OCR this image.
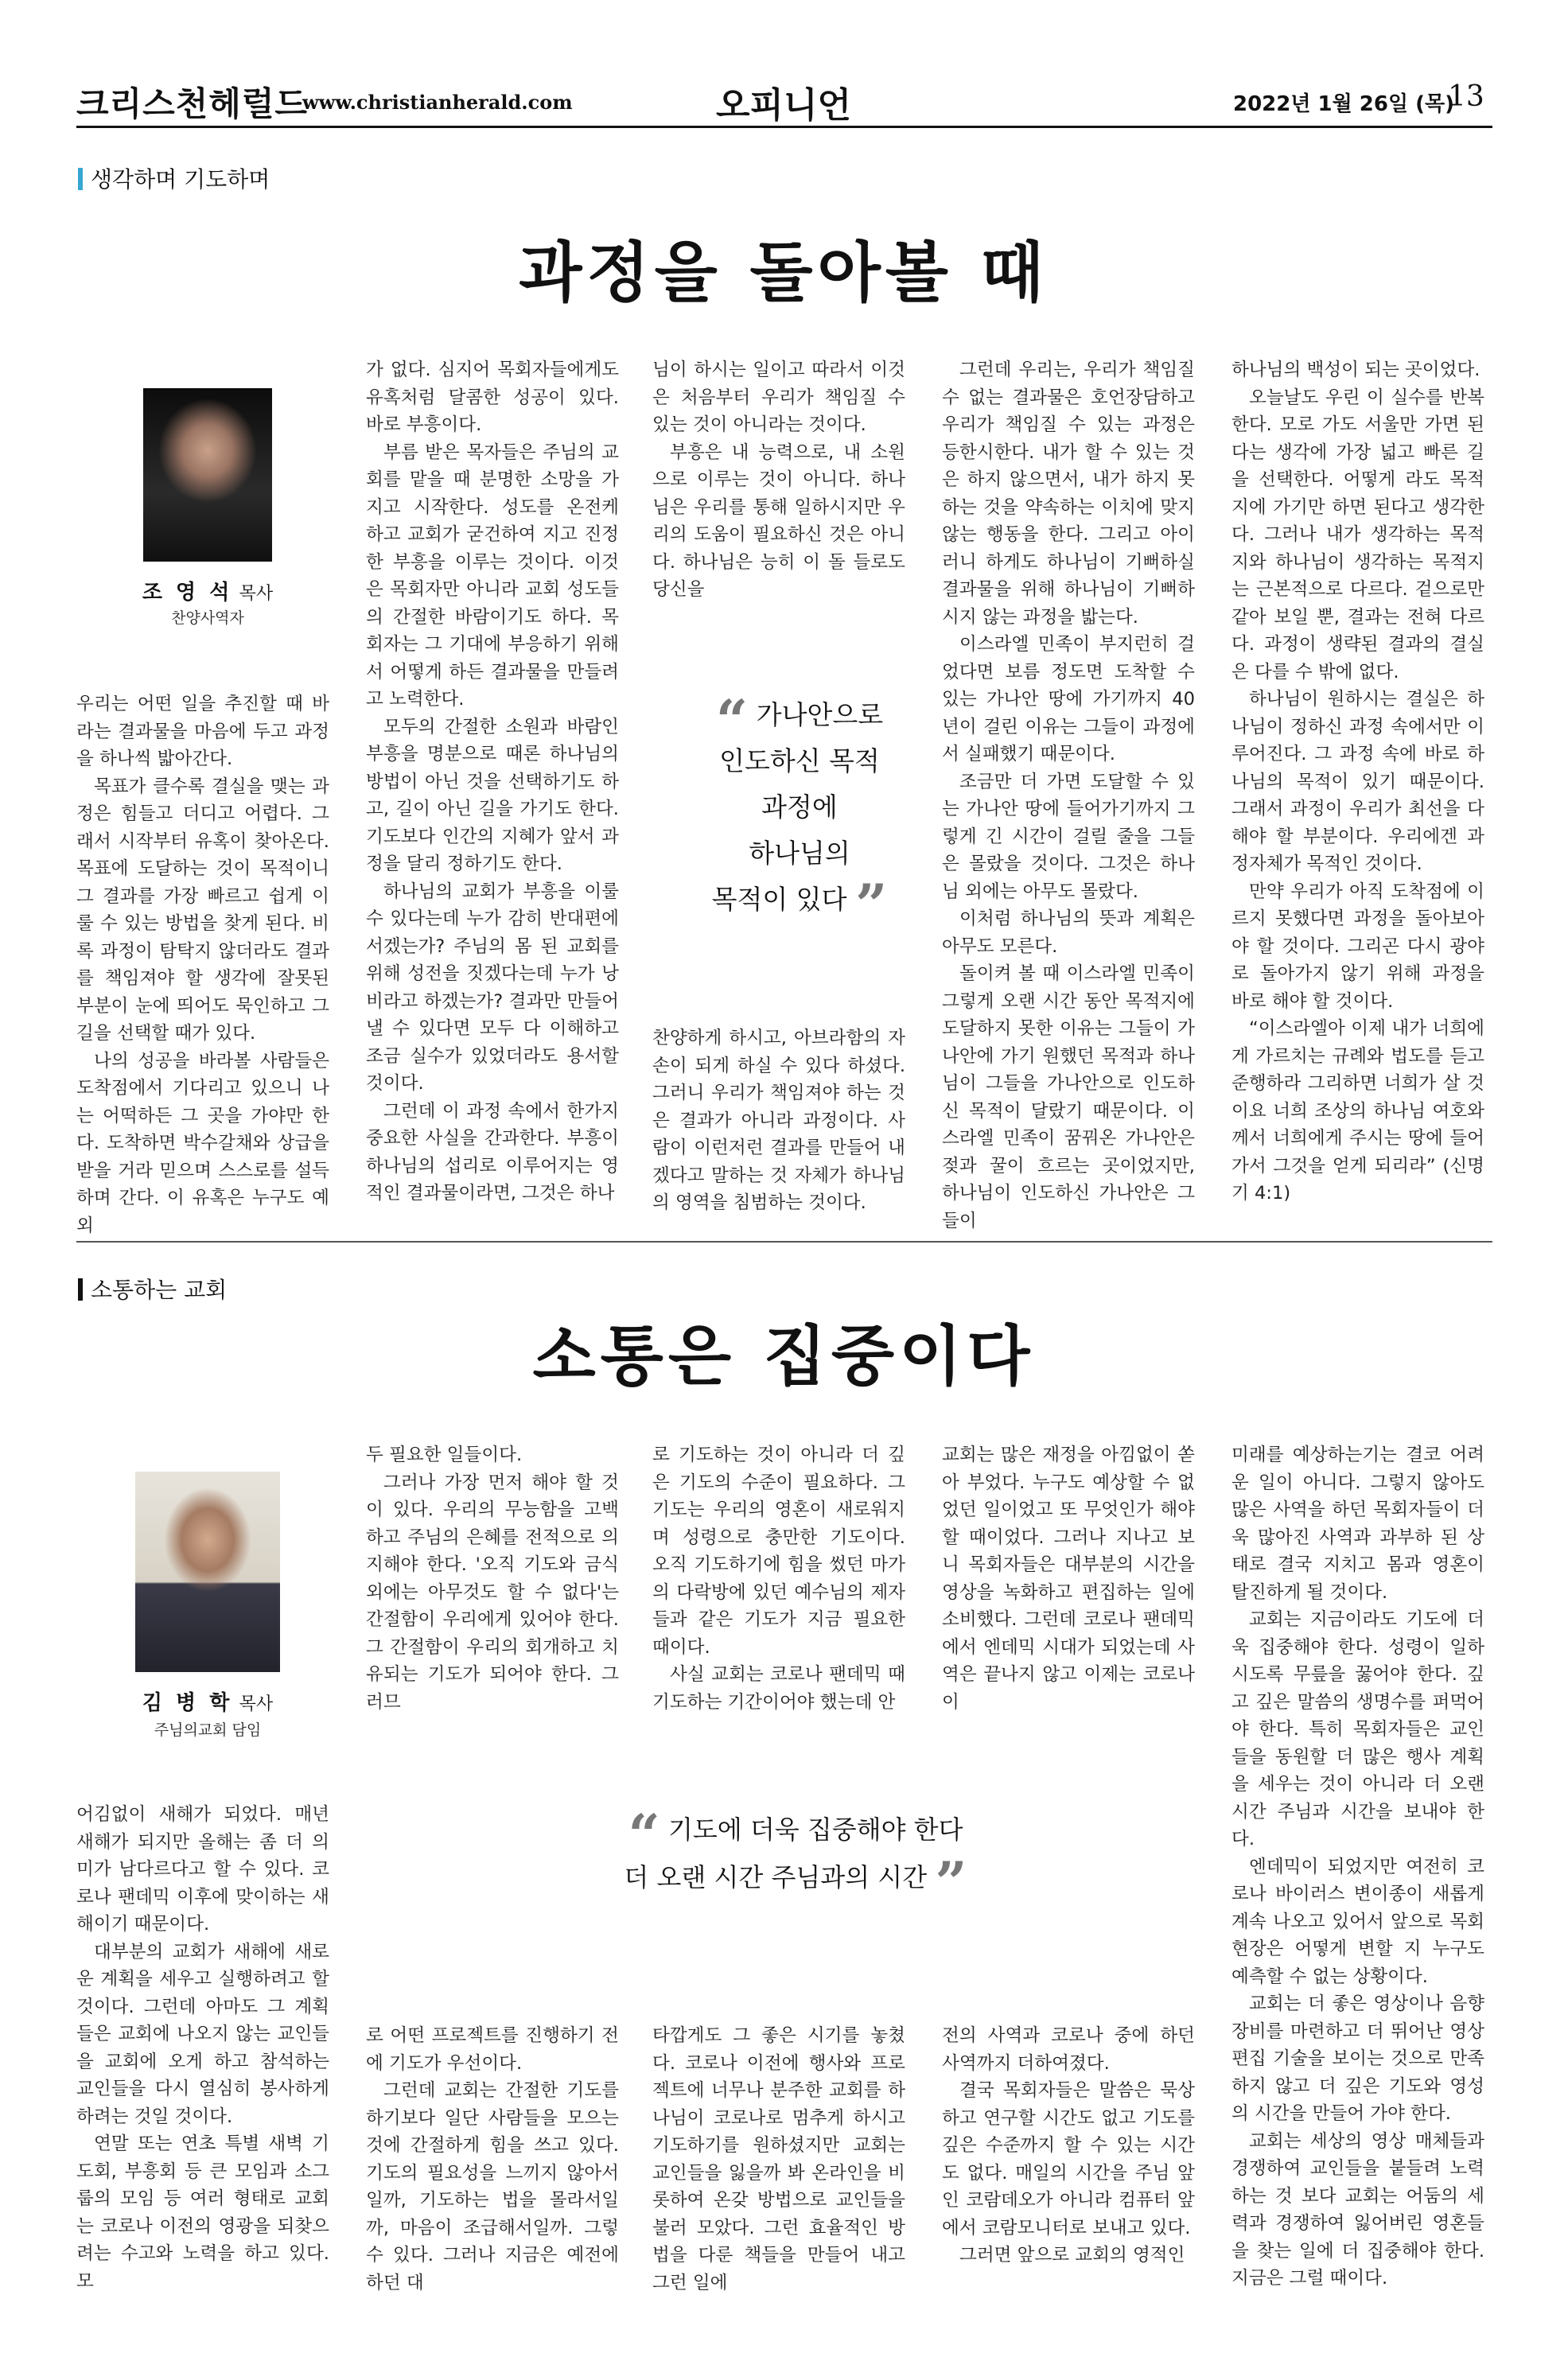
크리스천헤럴드
www.christianherald.com	오피니언	2022년 1월 26일 (목)
13
생각하며 기도하며
과정을 돌아볼 때
조 영 석 목사
찬양사역자

우리는 어떤 일을 추진할 때 바라는 결과물을 마음에 두고 과정을 하나씩 밟아간다.

목표가 클수록 결실을 맺는 과정은 힘들고 더디고 어렵다. 그래서 시작부터 유혹이 찾아온다. 목표에 도달하는 것이 목적이니 그 결과를 가장 빠르고 쉽게 이룰 수 있는 방법을 찾게 된다. 비록 과정이 탐탁지 않더라도 결과를 책임져야 할 생각에 잘못된 부분이 눈에 띄어도 묵인하고 그 길을 선택할 때가 있다.

나의 성공을 바라볼 사람들은 도착점에서 기다리고 있으니 나는 어떡하든 그 곳을 가야만 한다. 도착하면 박수갈채와 상급을 받을 거라 믿으며 스스로를 설득하며 간다. 이 유혹은 누구도 예외

가 없다. 심지어 목회자들에게도 유혹처럼 달콤한 성공이 있다. 바로 부흥이다.

부름 받은 목자들은 주님의 교회를 맡을 때 분명한 소망을 가지고 시작한다. 성도를 온전케 하고 교회가 굳건하여 지고 진정한 부흥을 이루는 것이다. 이것은 목회자만 아니라 교회 성도들의 간절한 바람이기도 하다. 목회자는 그 기대에 부응하기 위해서 어떻게 하든 결과물을 만들려고 노력한다.

모두의 간절한 소원과 바람인 부흥을 명분으로 때론 하나님의 방법이 아닌 것을 선택하기도 하고, 길이 아닌 길을 가기도 한다. 기도보다 인간의 지혜가 앞서 과정을 달리 정하기도 한다.

하나님의 교회가 부흥을 이룰 수 있다는데 누가 감히 반대편에 서겠는가? 주님의 몸 된 교회를 위해 성전을 짓겠다는데 누가 낭비라고 하겠는가? 결과만 만들어 낼 수 있다면 모두 다 이해하고 조금 실수가 있었더라도 용서할 것이다.

그런데 이 과정 속에서 한가지 중요한 사실을 간과한다. 부흥이 하나님의 섭리로 이루어지는 영적인 결과물이라면, 그것은 하나

님이 하시는 일이고 따라서 이것은 처음부터 우리가 책임질 수 있는 것이 아니라는 것이다.

부흥은 내 능력으로, 내 소원으로 이루는 것이 아니다. 하나님은 우리를 통해 일하시지만 우리의 도움이 필요하신 것은 아니다. 하나님은 능히 이 돌 들로도 당신을

“ 가나안으로
인도하신 목적
과정에
하나님의
목적이 있다 ”

찬양하게 하시고, 아브라함의 자손이 되게 하실 수 있다 하셨다. 그러니 우리가 책임져야 하는 것은 결과가 아니라 과정이다. 사람이 이런저런 결과를 만들어 내겠다고 말하는 것 자체가 하나님의 영역을 침범하는 것이다.

그런데 우리는, 우리가 책임질 수 없는 결과물은 호언장담하고 우리가 책임질 수 있는 과정은 등한시한다. 내가 할 수 있는 것은 하지 않으면서, 내가 하지 못하는 것을 약속하는 이치에 맞지 않는 행동을 한다. 그리고 아이러니 하게도 하나님이 기뻐하실 결과물을 위해 하나님이 기뻐하시지 않는 과정을 밟는다.

이스라엘 민족이 부지런히 걸었다면 보름 정도면 도착할 수 있는 가나안 땅에 가기까지 40년이 걸린 이유는 그들이 과정에서 실패했기 때문이다.

조금만 더 가면 도달할 수 있는 가나안 땅에 들어가기까지 그렇게 긴 시간이 걸릴 줄을 그들은 몰랐을 것이다. 그것은 하나님 외에는 아무도 몰랐다.

이처럼 하나님의 뜻과 계획은 아무도 모른다.

돌이켜 볼 때 이스라엘 민족이 그렇게 오랜 시간 동안 목적지에 도달하지 못한 이유는 그들이 가나안에 가기 원했던 목적과 하나님이 그들을 가나안으로 인도하신 목적이 달랐기 때문이다. 이스라엘 민족이 꿈꿔온 가나안은 젖과 꿀이 흐르는 곳이었지만, 하나님이 인도하신 가나안은 그들이

하나님의 백성이 되는 곳이었다.

오늘날도 우린 이 실수를 반복한다. 모로 가도 서울만 가면 된다는 생각에 가장 넓고 빠른 길을 선택한다. 어떻게 라도 목적지에 가기만 하면 된다고 생각한다. 그러나 내가 생각하는 목적지와 하나님이 생각하는 목적지는 근본적으로 다르다. 겉으로만 같아 보일 뿐, 결과는 전혀 다르다. 과정이 생략된 결과의 결실은 다를 수 밖에 없다.

하나님이 원하시는 결실은 하나님이 정하신 과정 속에서만 이루어진다. 그 과정 속에 바로 하나님의 목적이 있기 때문이다. 그래서 과정이 우리가 최선을 다해야 할 부분이다. 우리에겐 과정자체가 목적인 것이다.

만약 우리가 아직 도착점에 이르지 못했다면 과정을 돌아보아야 할 것이다. 그리곤 다시 광야로 돌아가지 않기 위해 과정을 바로 해야 할 것이다.

“이스라엘아 이제 내가 너희에게 가르치는 규례와 법도를 듣고 준행하라 그리하면 너희가 살 것이요 너희 조상의 하나님 여호와께서 너희에게 주시는 땅에 들어가서 그것을 얻게 되리라” (신명기 4:1)

소통하는 교회
소통은 집중이다
김 병 학 목사
주님의교회 담임

어김없이 새해가 되었다. 매년 새해가 되지만 올해는 좀 더 의미가 남다르다고 할 수 있다. 코로나 팬데믹 이후에 맞이하는 새해이기 때문이다.

대부분의 교회가 새해에 새로운 계획을 세우고 실행하려고 할 것이다. 그런데 아마도 그 계획들은 교회에 나오지 않는 교인들을 교회에 오게 하고 참석하는 교인들을 다시 열심히 봉사하게 하려는 것일 것이다.

연말 또는 연초 특별 새벽 기도회, 부흥회 등 큰 모임과 소그룹의 모임 등 여러 형태로 교회는 코로나 이전의 영광을 되찾으려는 수고와 노력을 하고 있다. 모

두 필요한 일들이다.

그러나 가장 먼저 해야 할 것이 있다. 우리의 무능함을 고백하고 주님의 은혜를 전적으로 의지해야 한다. '오직 기도와 금식 외에는 아무것도 할 수 없다'는 간절함이 우리에게 있어야 한다. 그 간절함이 우리의 회개하고 치유되는 기도가 되어야 한다. 그러므

로 기도하는 것이 아니라 더 깊은 기도의 수준이 필요하다. 그 기도는 우리의 영혼이 새로워지며 성령으로 충만한 기도이다. 오직 기도하기에 힘을 썼던 마가의 다락방에 있던 예수님의 제자들과 같은 기도가 지금 필요한 때이다.

사실 교회는 코로나 팬데믹 때 기도하는 기간이어야 했는데 안

교회는 많은 재정을 아낌없이 쏟아 부었다. 누구도 예상할 수 없었던 일이었고 또 무엇인가 해야 할 때이었다. 그러나 지나고 보니 목회자들은 대부분의 시간을 영상을 녹화하고 편집하는 일에 소비했다. 그런데 코로나 팬데믹에서 엔데믹 시대가 되었는데 사역은 끝나지 않고 이제는 코로나 이

“ 기도에 더욱 집중해야 한다
더 오랜 시간 주님과의 시간 ”

로 어떤 프로젝트를 진행하기 전에 기도가 우선이다.

그런데 교회는 간절한 기도를 하기보다 일단 사람들을 모으는 것에 간절하게 힘을 쓰고 있다. 기도의 필요성을 느끼지 않아서일까, 기도하는 법을 몰라서일까, 마음이 조급해서일까. 그렇 수 있다. 그러나 지금은 예전에 하던 대

타깝게도 그 좋은 시기를 놓쳤다. 코로나 이전에 행사와 프로젝트에 너무나 분주한 교회를 하나님이 코로나로 멈추게 하시고 기도하기를 원하셨지만 교회는 교인들을 잃을까 봐 온라인을 비롯하여 온갖 방법으로 교인들을 불러 모았다. 그런 효율적인 방법을 다룬 책들을 만들어 내고 그런 일에

전의 사역과 코로나 중에 하던 사역까지 더하여졌다.

결국 목회자들은 말씀은 묵상하고 연구할 시간도 없고 기도를 깊은 수준까지 할 수 있는 시간도 없다. 매일의 시간을 주님 앞인 코람데오가 아니라 컴퓨터 앞에서 코람모니터로 보내고 있다.

그러면 앞으로 교회의 영적인

미래를 예상하는기는 결코 어려운 일이 아니다. 그렇지 않아도 많은 사역을 하던 목회자들이 더욱 많아진 사역과 과부하 된 상태로 결국 지치고 몸과 영혼이 탈진하게 될 것이다.

교회는 지금이라도 기도에 더욱 집중해야 한다. 성령이 일하시도록 무릎을 꿇어야 한다. 깊고 깊은 말씀의 생명수를 퍼먹어야 한다. 특히 목회자들은 교인들을 동원할 더 많은 행사 계획을 세우는 것이 아니라 더 오랜 시간 주님과 시간을 보내야 한다.

엔데믹이 되었지만 여전히 코로나 바이러스 변이종이 새롭게 계속 나오고 있어서 앞으로 목회 현장은 어떻게 변할 지 누구도 예측할 수 없는 상황이다.

교회는 더 좋은 영상이나 음향장비를 마련하고 더 뛰어난 영상 편집 기술을 보이는 것으로 만족하지 않고 더 깊은 기도와 영성의 시간을 만들어 가야 한다.

교회는 세상의 영상 매체들과 경쟁하여 교인들을 붙들려 노력하는 것 보다 교회는 어둠의 세력과 경쟁하여 잃어버린 영혼들을 찾는 일에 더 집중해야 한다. 지금은 그럴 때이다.
